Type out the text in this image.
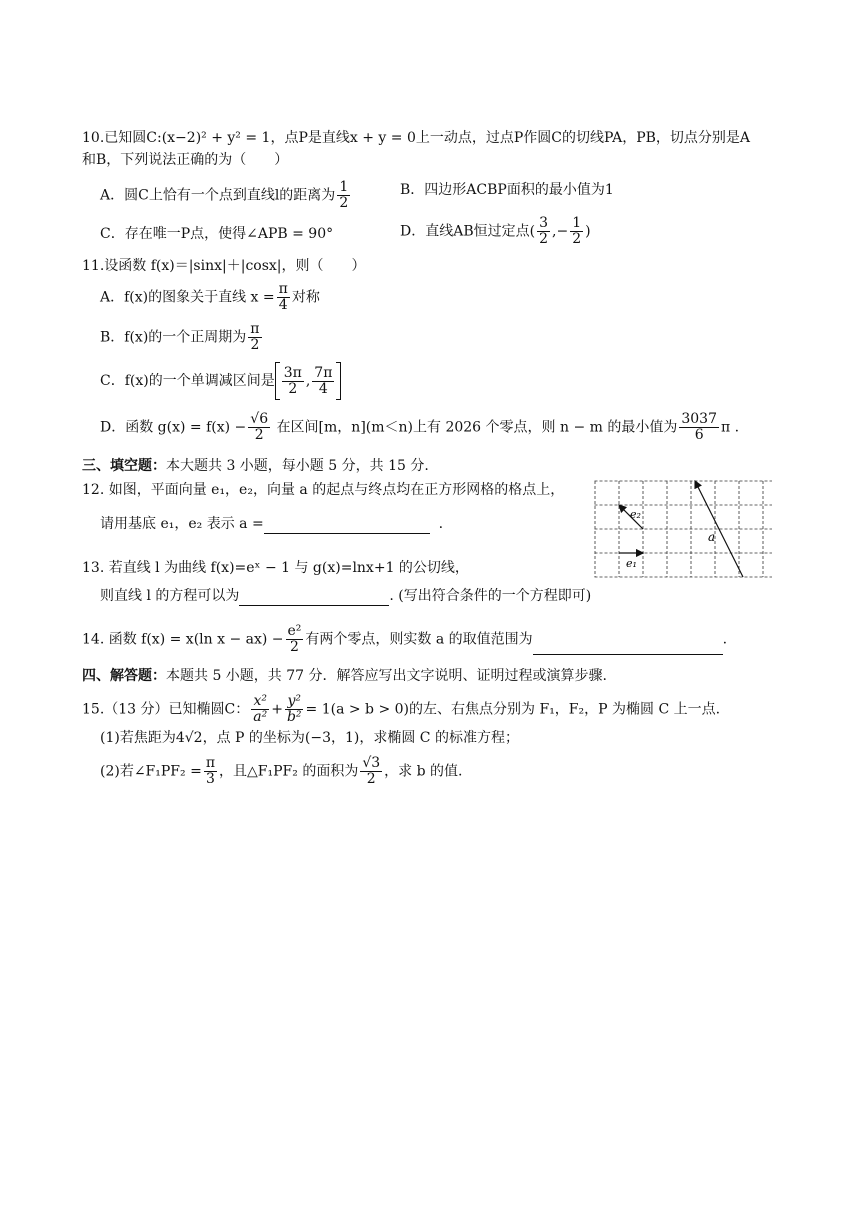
10.已知圆C:(x−2)² + y² = 1，点P是直线x + y = 0上一动点，过点P作圆C的切线PA，PB，切点分别是A
和B，下列说法正确的为（　　）
A．圆C上恰有一个点到直线l的距离为 $\frac{1}{2}$	B．四边形ACBP面积的最小值为1
C．存在唯一P点，使得∠APB = 90°	D．直线AB恒过定点( $\frac{3}{2}$ ,− $\frac{1}{2}$ )
11.设函数 f(x)＝|sinx|＋|cosx|，则（　　）
A．f(x)的图象关于直线 $x = \frac{\pi}{4}$ 对称
B．f(x)的一个正周期为 $\frac{\pi}{2}$
C．f(x)的一个单调减区间是 $\frac{3\pi}{2}$ , $\frac{7\pi}{4}$
D．函数 $g(x) = f(x) - \frac{√6}{2}$ 在区间[m，n](m＜n)上有 2026 个零点，则 n − m 的最小值为 $\frac{3037}{6}$ π .
三、填空题：本大题共 3 小题，每小题 5 分，共 15 分.
12. 如图，平面向量 e₁，e₂，向量 a 的起点与终点均在正方形网格的格点上，
请用基底 e₁，e₂ 表示 a =	.
e₂
e₁
a
13. 若直线 l 为曲线 f(x)=eˣ − 1 与 g(x)=lnx+1 的公切线，
则直线 l 的方程可以为	. (写出符合条件的一个方程即可)
14. 函数 f(x) = x(ln $x - ax) - \frac{\text{e²}}{2}$ 有两个零点，则实数 a 的取值范围为	.
四、解答题：本题共 5 小题，共 77 分．解答应写出文字说明、证明过程或演算步骤.
15.（13 分）已知椭圆C： $\frac{\text{x²}}{\text{a²}} + \frac{\text{y²}}{\text{b²}} = 1(a > b > 0)$的左、右焦点分别为 F₁，F₂，P 为椭圆 C 上一点.
(1)若焦距为4√2，点 P 的坐标为(−3，1)，求椭圆 C 的标准方程；
(2)若∠F₁PF₂ = $\frac{\pi}{3}$ ，且△F₁PF₂ 的面积为 $\frac{√3}{2}$ ，求 b 的值.
